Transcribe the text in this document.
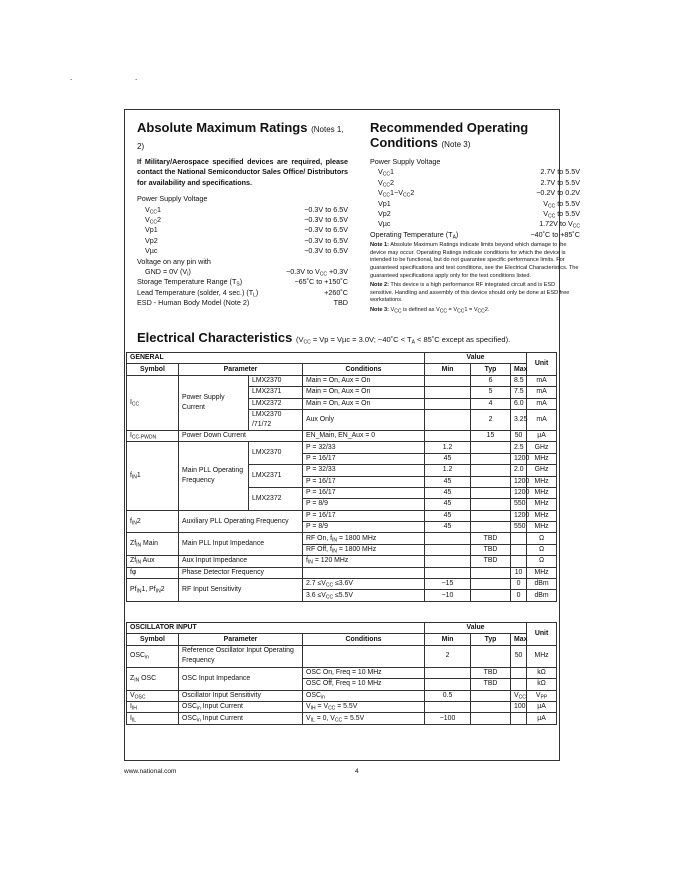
.	.
Absolute Maximum Ratings (Notes 1, 2)
If Military/Aerospace specified devices are required, please contact the National Semiconductor Sales Office/ Distributors for availability and specifications.
Power Supply Voltage
$V_{CC}1$	−0.3V to 6.5V
$V_{CC}2$	−0.3V to 6.5V
Vp1	−0.3V to 6.5V
Vp2	−0.3V to 6.5V
Vµc	−0.3V to 6.5V
Voltage on any pin with
GND = 0V $(V_I)$	−0.3V to $V_{CC} +0.3V$
Storage Temperature Range $(T_S)$	−65˚C to +150˚C
Lead Temperature (solder, 4 sec.) $(T_L)$	+260˚C
ESD - Human Body Model (Note 2)	TBD
Recommended Operating
Conditions (Note 3)
Power Supply Voltage
$V_{CC}1$	2.7V to 5.5V
$V_{CC}2$	2.7V to 5.5V
$V_{CC}1-V_{CC}2$	−0.2V to 0.2V
Vp1	$V_{CC}$ to 5.5V
Vp2	$V_{CC}$ to 5.5V
Vµc	1.72V to $V_{CC}$
Operating Temperature $(T_A)$	−40˚C to +85˚C
Note 1: Absolute Maximum Ratings indicate limits beyond which damage to the device may occur. Operating Ratings indicate conditions for which the device is intended to be functional, but do not guarantee specific performance limits. For guaranteed specifications and test conditions, see the Electrical Characteristics. The guaranteed specifications apply only for the test conditions listed.
Note 2: This device is a high performance RF integrated circuit and is ESD sensitive. Handling and assembly of this device should only be done at ESD free workstations.
Note 3: $V_{CC}$ is defined as $V_{CC} = V_{CC}1 = V_{CC}2$.
Electrical Characteristics ($V_{CC} = Vp = V\mu c = 3.0V$; −40˚C < $T_A$ < 85˚C except as specified).
GENERAL				Value			Unit
Symbol	Parameter		Conditions	Min	Typ	Max	
$I_{CC}$	Power Supply Current	LMX2370	Main = On, Aux = On		6	8.5	mA
		LMX2371	Main = On, Aux = On		5	7.5	mA
		LMX2372	Main = On, Aux = On		4	6.0	mA
		LMX2370 /71/72	Aux Only		2	3.25	mA
$I_{CC-PWDN}$	Power Down Current		EN_Main, EN_Aux = 0		15	50	µA
$f_{IN}1$	Main PLL Operating Frequency	LMX2370	P = 32/33	1.2		2.5	GHz
			P = 16/17	45		1200	MHz
		LMX2371	P = 32/33	1.2		2.0	GHz
			P = 16/17	45		1200	MHz
		LMX2372	P = 16/17	45		1200	MHz
			P = 8/9	45		550	MHz
$f_{IN}2$	Auxiliary PLL Operating Frequency		P = 16/17	45		1200	MHz
			P = 8/9	45		550	MHz
$Zf_{IN}$ Main	Main PLL Input Impedance		RF On, $f_{IN} = 1800$ MHz		TBD		Ω
			RF Off, $f_{IN} = 1800$ MHz		TBD		Ω
$Zf_{IN}$ Aux	Aux Input Impedance		$f_{IN} = 120$ MHz		TBD		Ω
fφ	Phase Detector Frequency					10	MHz
$Pf_{IN}1$, $Pf_{IN}2$	RF Input Sensitivity		$2.7 \le V_{CC} \le 3.6V$	−15		0	dBm
			$3.6 \le V_{CC} \le 5.5V$	−10		0	dBm
OSCILLATOR INPUT			Value			Unit
Symbol	Parameter	Conditions	Min	Typ	Max	
$OSC_{in}$	Reference Oscillator Input Operating Frequency		2		50	MHz
$Z_{IN}$ OSC	OSC Input Impedance	OSC On, Freq = 10 MHz		TBD		kΩ
		OSC Off, Freq = 10 MHz		TBD		kΩ
$V_{OSC}$	Oscillator Input Sensitivity	$OSC_{in}$	0.5		$V_{CC}$	$V_{PP}$
$I_{IH}$	$OSC_{in}$ Input Current	$V_{IH} = V_{CC} = 5.5V$			100	µA
$I_{IL}$	$OSC_{in}$ Input Current	$V_{IL} = 0$, $V_{CC} = 5.5V$	−100			µA
www.national.com	4
